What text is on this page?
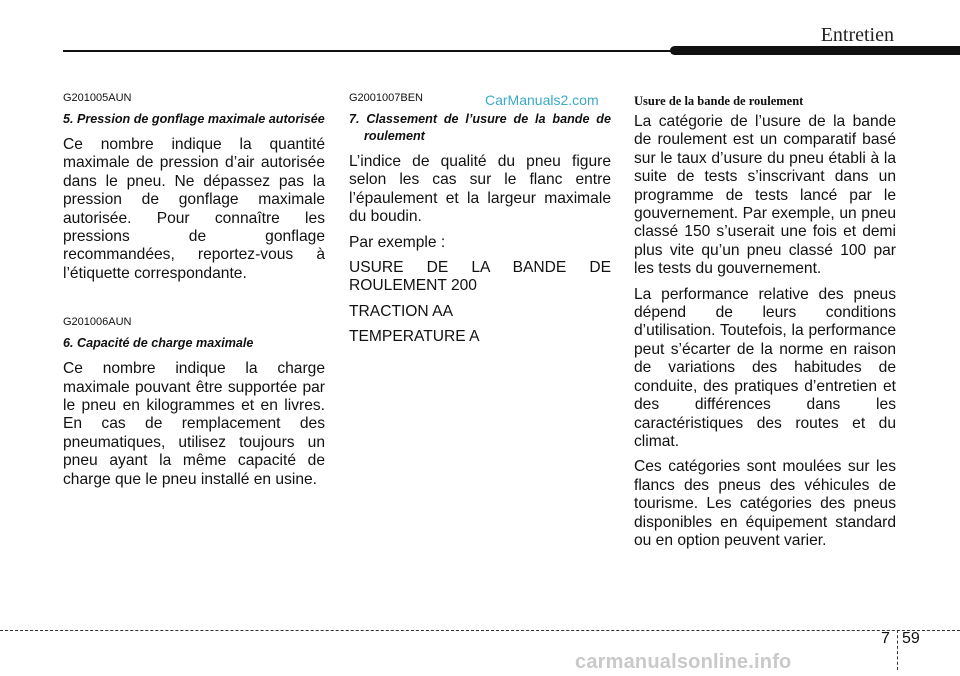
Entretien
CarManuals2.com
G201005AUN
5. Pression de gonflage maximale autorisée
Ce nombre indique la quantité maximale de pression d’air autorisée dans le pneu. Ne dépassez pas la pression de gonflage maximale autorisée. Pour connaître les pressions de gonflage recommandées, reportez-vous à l’étiquette correspondante.
G201006AUN
6. Capacité de charge maximale
Ce nombre indique la charge maximale pouvant être supportée par le pneu en kilogrammes et en livres. En cas de remplacement des pneumatiques, utilisez toujours un pneu ayant la même capacité de charge que le pneu installé en usine.
G2001007BEN
7. Classement de l’usure de la bande de roulement
L’indice de qualité du pneu figure selon les cas sur le flanc entre l’épaulement et la largeur maximale du boudin.
Par exemple :
USURE DE LA BANDE DE ROULEMENT 200
TRACTION AA
TEMPERATURE A
Usure de la bande de roulement
La catégorie de l’usure de la bande de roulement est un comparatif basé sur le taux d’usure du pneu établi à la suite de tests s’inscrivant dans un programme de tests lancé par le gouvernement. Par exemple, un pneu classé 150 s’userait une fois et demi plus vite qu’un pneu classé 100 par les tests du gouvernement.
La performance relative des pneus dépend de leurs conditions d’utilisation. Toutefois, la performance peut s’écarter de la norme en raison de variations des habitudes de conduite, des pratiques d’entretien et des différences dans les caractéristiques des routes et du climat.
Ces catégories sont moulées sur les flancs des pneus des véhicules de tourisme. Les catégories des pneus disponibles en équipement standard ou en option peuvent varier.
7 59
carmanualsonline.info
